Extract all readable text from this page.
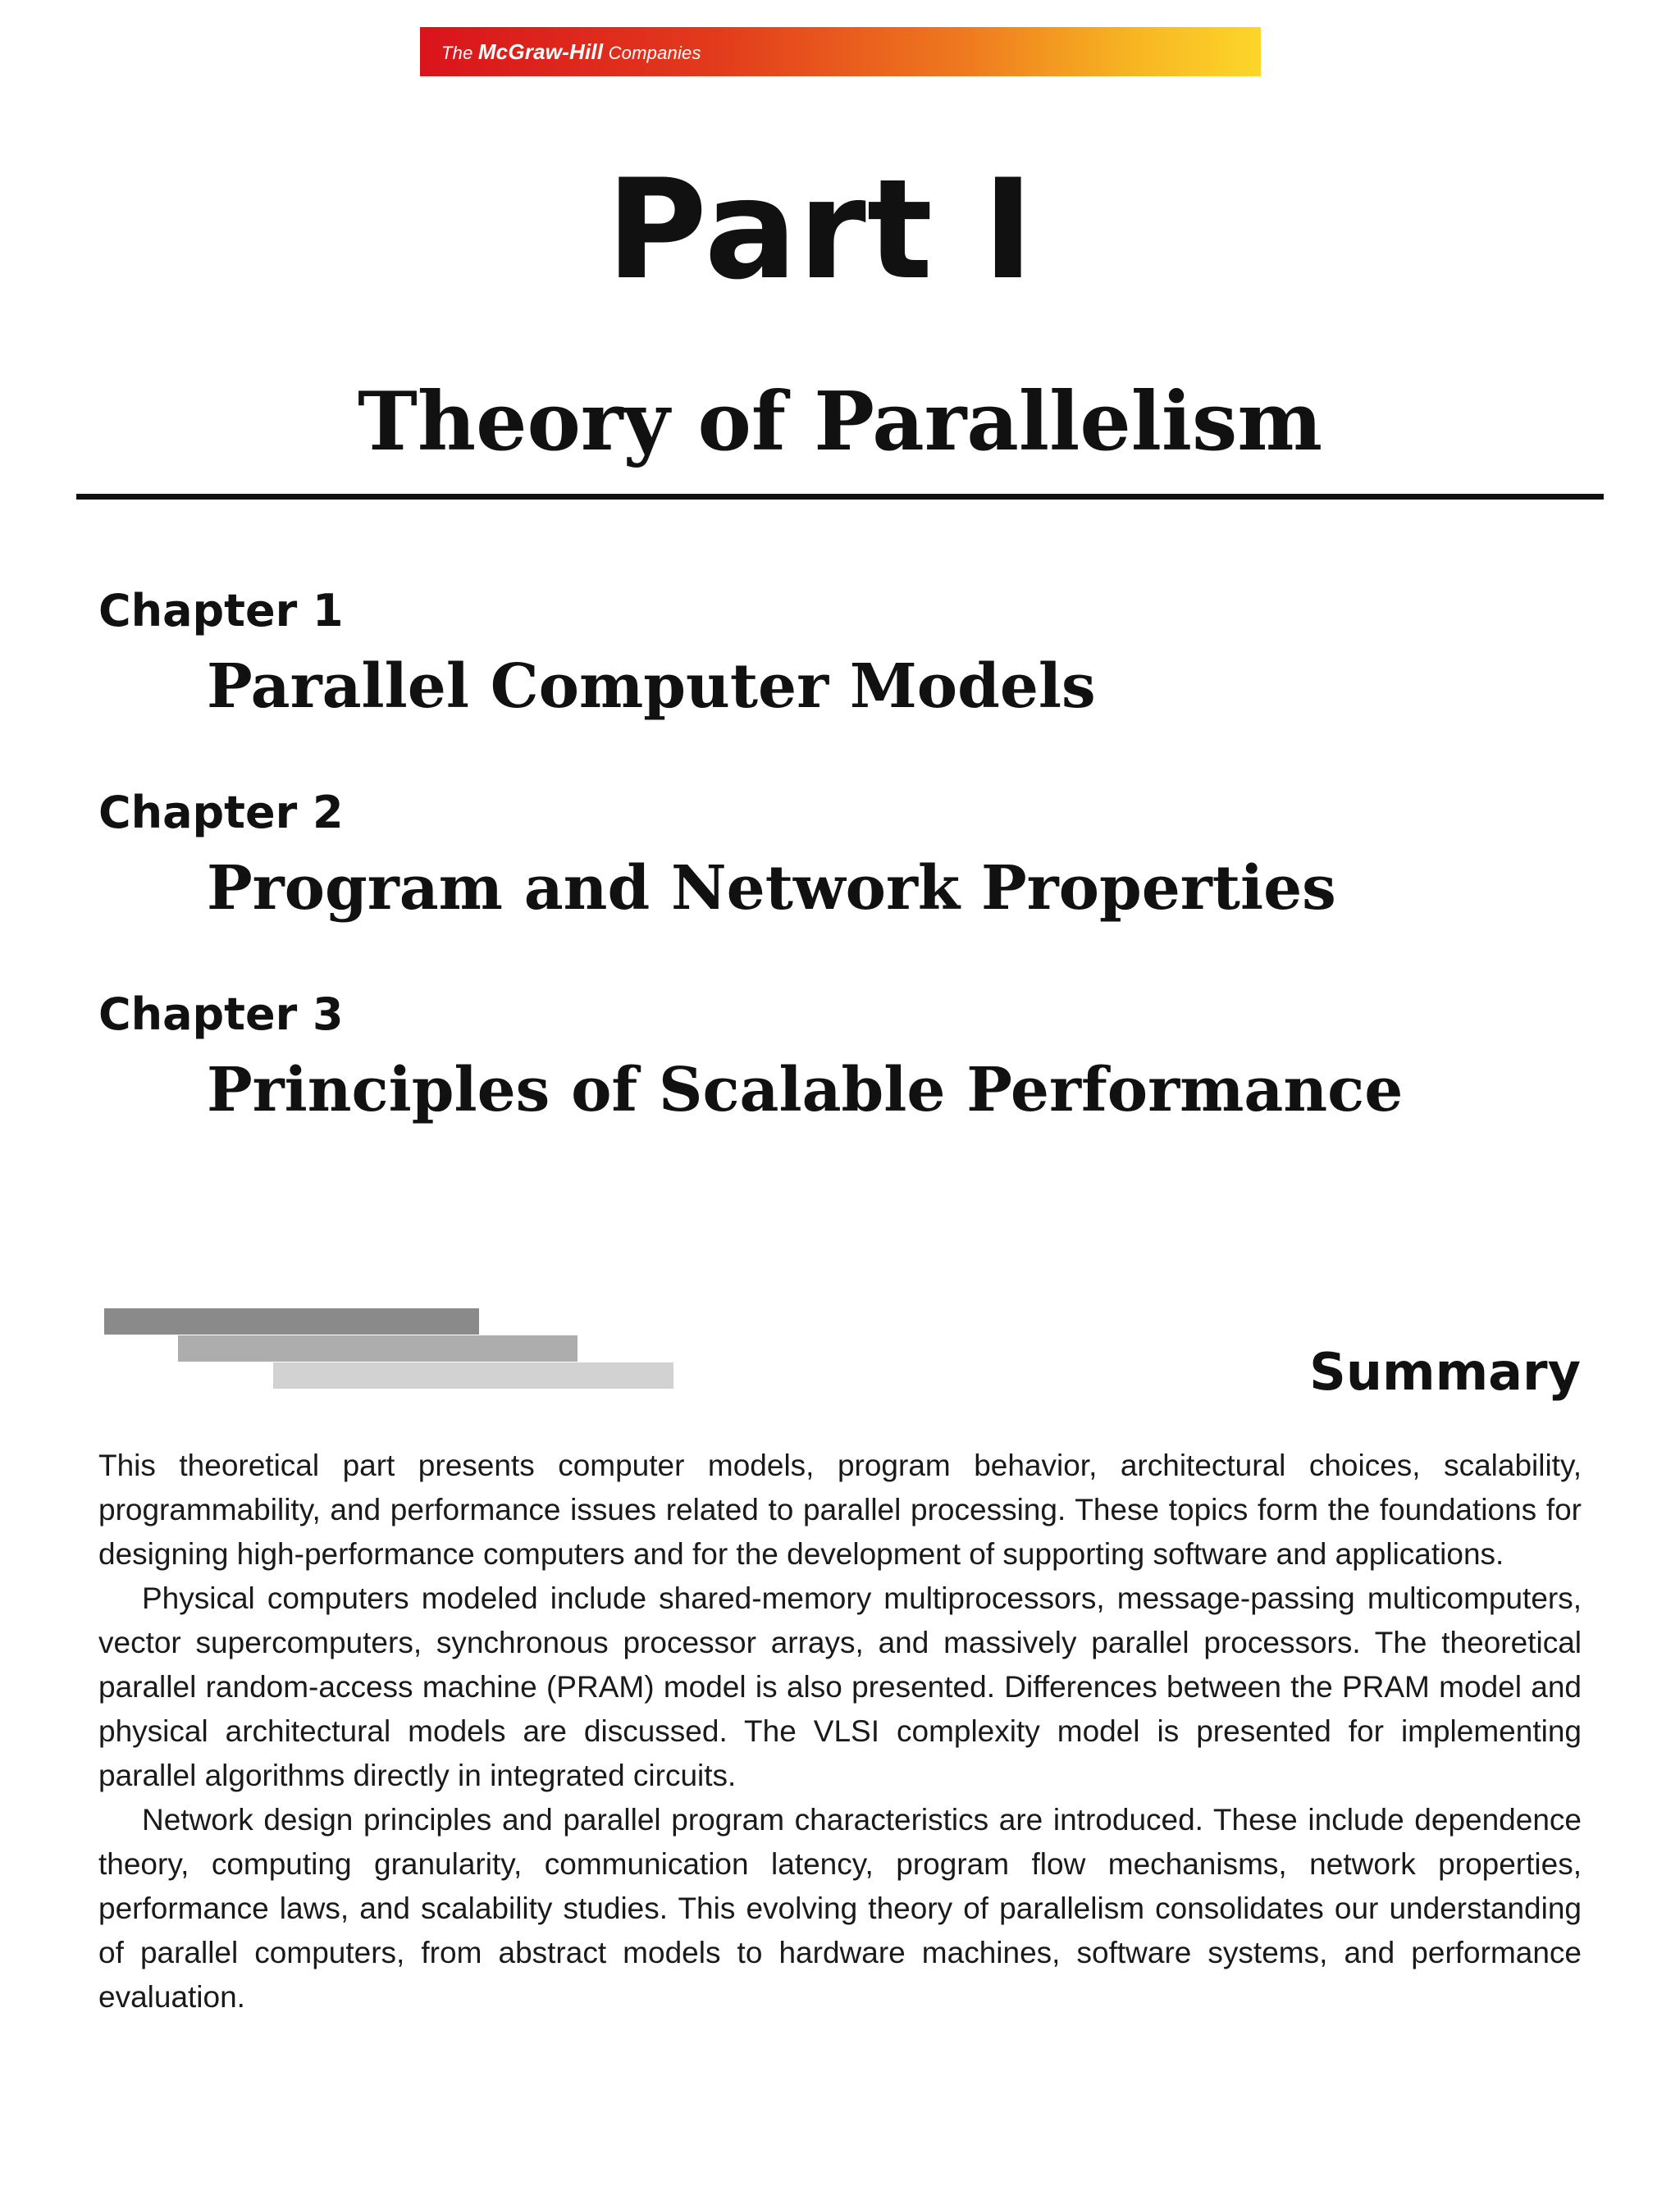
The McGraw-Hill Companies
Part I
Theory of Parallelism
Chapter 1
Parallel Computer Models
Chapter 2
Program and Network Properties
Chapter 3
Principles of Scalable Performance
Summary

This theoretical part presents computer models, program behavior, architectural choices, scalability, programmability, and performance issues related to parallel processing. These topics form the foundations for designing high-performance computers and for the development of supporting software and applications.

Physical computers modeled include shared-memory multiprocessors, message-passing multicomputers, vector supercomputers, synchronous processor arrays, and massively parallel processors. The theoretical parallel random-access machine (PRAM) model is also presented. Differences between the PRAM model and physical architectural models are discussed. The VLSI complexity model is presented for implementing parallel algorithms directly in integrated circuits.

Network design principles and parallel program characteristics are introduced. These include dependence theory, computing granularity, communication latency, program flow mechanisms, network properties, performance laws, and scalability studies. This evolving theory of parallelism consolidates our understanding of parallel computers, from abstract models to hardware machines, software systems, and performance evaluation.
